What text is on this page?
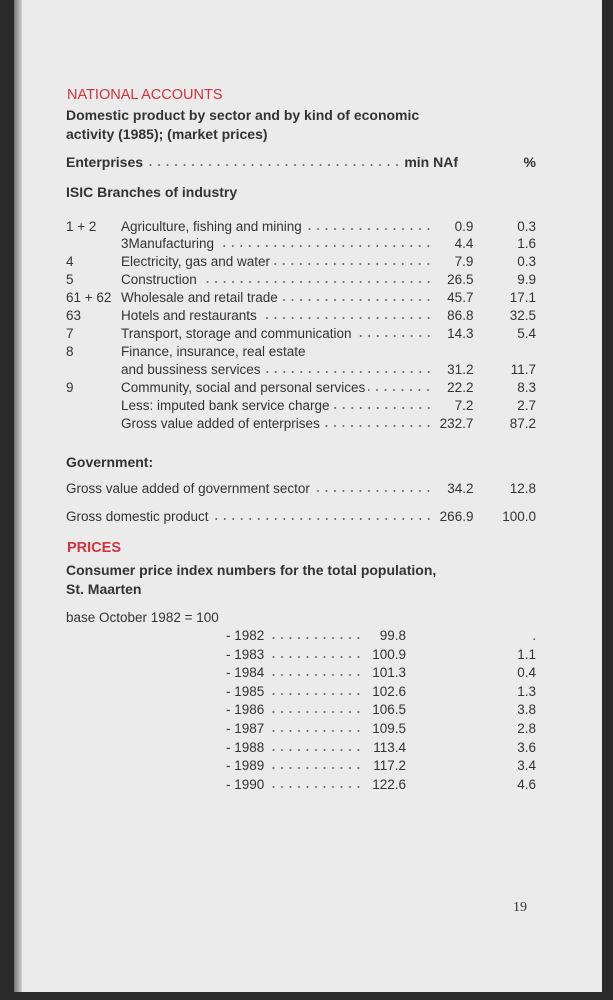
NATIONAL ACCOUNTS
Domestic product by sector and by kind of economic
activity (1985); (market prices)
Enterprises	min NAf	%
ISIC Branches of industry
1 + 2	Agriculture, fishing and mining	0.9	0.3
3Manufacturing	4.4	1.6
4	Electricity, gas and water	7.9	0.3
5	Construction	26.5	9.9
61 + 62 Wholesale and retail trade	45.7	17.1
63	Hotels and restaurants	86.8	32.5
7	Transport, storage and communication	14.3	5.4
8	Finance, insurance, real estate
and bussiness services	31.2	11.7
9	Community, social and personal services	22.2	8.3
Less: imputed bank service charge	7.2	2.7
Gross value added of enterprises	232.7	87.2
Government:
Gross value added of government sector	34.2	12.8
Gross domestic product	266.9	100.0
PRICES
Consumer price index numbers for the total population,
St. Maarten
base October 1982 = 100
- 1982	99.8	.
- 1983	100.9	1.1
- 1984	101.3	0.4
- 1985	102.6	1.3
- 1986	106.5	3.8
- 1987	109.5	2.8
- 1988	113.4	3.6
- 1989	117.2	3.4
- 1990	122.6	4.6
19
